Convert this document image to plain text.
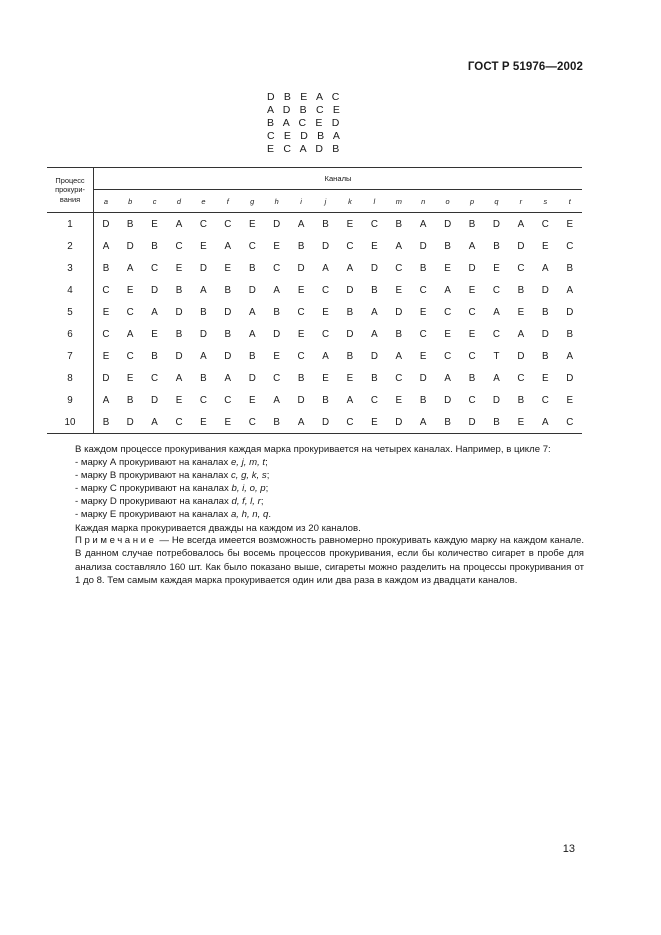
ГОСТ Р 51976—2002
D B E A C
A D B C E
B A C E D
C E D B A
E C A D B
Процесс
прокури-
вания	Каналы																			
	a	b	c	d	e	f	g	h	i	j	k	l	m	n	o	p	q	r	s	t
1	D	B	E	A	C	C	E	D	A	B	E	C	B	A	D	B	D	A	C	E
2	A	D	B	C	E	A	C	E	B	D	C	E	A	D	B	A	B	D	E	C
3	B	A	C	E	D	E	B	C	D	A	A	D	C	B	E	D	E	C	A	B
4	C	E	D	B	A	B	D	A	E	C	D	B	E	C	A	E	C	B	D	A
5	E	C	A	D	B	D	A	B	C	E	B	A	D	E	C	C	A	E	B	D
6	C	A	E	B	D	B	A	D	E	C	D	A	B	C	E	E	C	A	D	B
7	E	C	B	D	A	D	B	E	C	A	B	D	A	E	C	C	T	D	B	A
8	D	E	C	A	B	A	D	C	B	E	E	B	C	D	A	B	A	C	E	D
9	A	B	D	E	C	C	E	A	D	B	A	C	E	B	D	C	D	B	C	E
10	B	D	A	C	E	E	C	B	A	D	C	E	D	A	B	D	B	E	A	C
В каждом процессе прокуривания каждая марка прокуривается на четырех каналах. Например, в цикле 7:
- марку А прокуривают на каналах e, j, m, t;
- марку В прокуривают на каналах c, g, k, s;
- марку С прокуривают на каналах b, i, o, p;
- марку D прокуривают на каналах d, f, l, r;
- марку Е прокуривают на каналах a, h, n, q.
Каждая марка прокуривается дважды на каждом из 20 каналов.
Примечание — Не всегда имеется возможность равномерно прокуривать каждую марку на каждом канале. В данном случае потребовалось бы восемь процессов прокуривания, если бы количество сигарет в пробе для анализа составляло 160 шт. Как было показано выше, сигареты можно разделить на процессы прокуривания от 1 до 8. Тем самым каждая марка прокуривается один или два раза в каждом из двадцати каналов.
13
